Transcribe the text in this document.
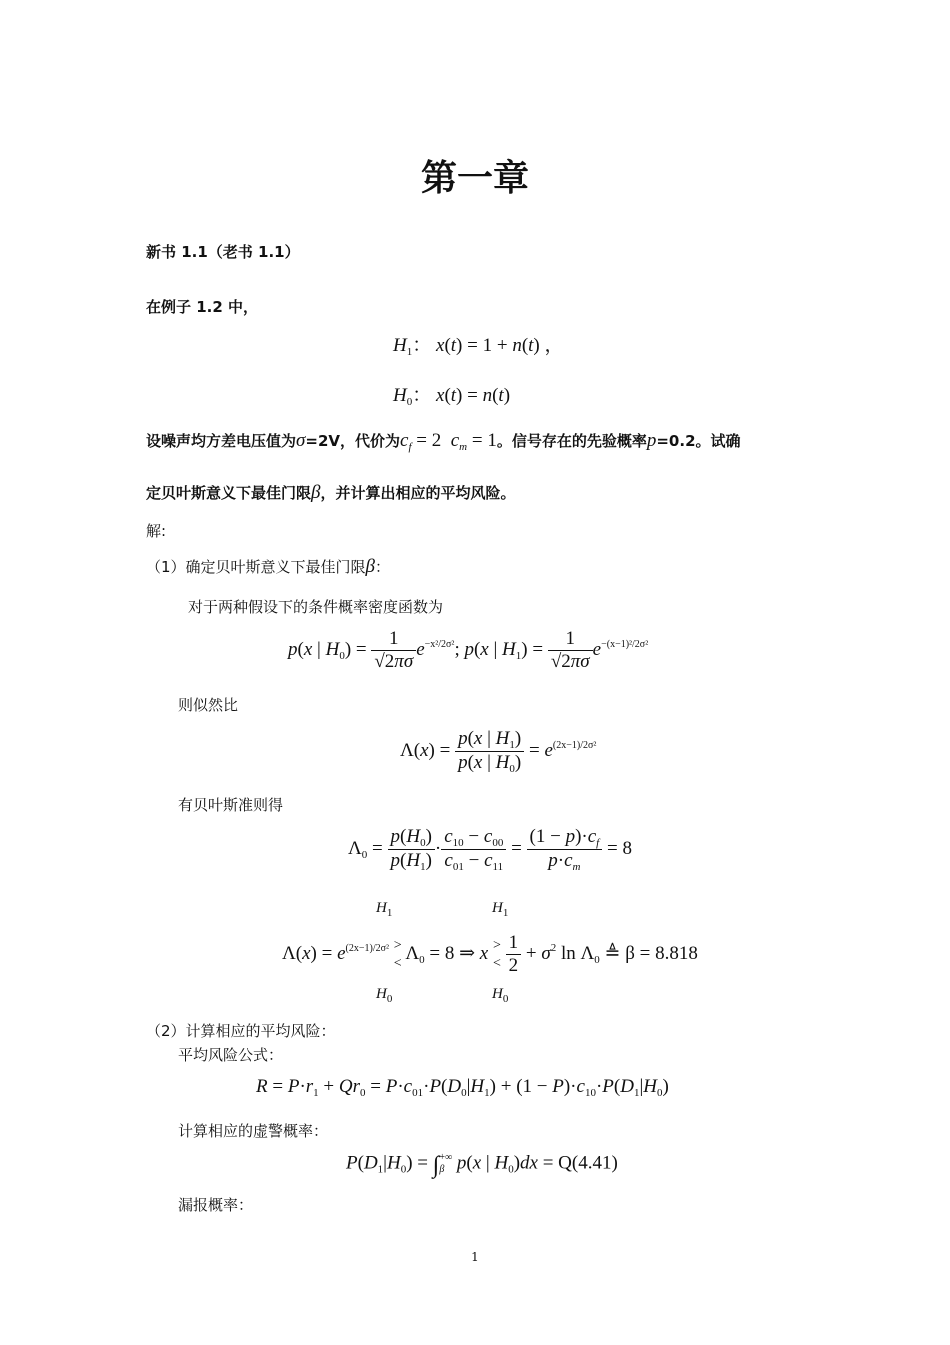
第一章
新书 1.1（老书 1.1）
在例子 1.2 中，
$H_1$： x(t) = 1 + n(t) ，
$H_0$： x(t) = n(t)
设噪声均方差电压值为σ=2V，代价为$c_f = 2$  $c_m = 1$。信号存在的先验概率p=0.2。试确
定贝叶斯意义下最佳门限β，并计算出相应的平均风险。
解:
（1）确定贝叶斯意义下最佳门限β：
对于两种假设下的条件概率密度函数为
p(x | $H_0) = \frac{1}{√2\pi\sigma} e^{-x^2/2\sigma^2}$; p(x | $H_1) = \frac{1}{√2\pi\sigma} e^{-(x-1)^2/2\sigma^2}$
则似然比
$\Lambda(x) = \frac{p(x | H_1)}{p(x | H_0)} = e^{(2x-1)/2\sigma^2}$
有贝叶斯准则得
$\Lambda_0 = \frac{p(H_0)}{p(H_1)} \cdot \frac{c_{10} - c_{00}}{c_{01} - c_{11}} = \frac{(1 - p)\cdot c_f}{p\cdot c_m} = 8$
$H_1$	$H_1$
$\Lambda(x) = e^{(2x-1)/2\sigma^2}$ >
< $\Lambda_0 = 8$ ⇒ x >
< $\frac{1}{2} + \sigma^2$ $\ln \Lambda_0$ ≜ β = 8.818
$H_0$	$H_0$
（2）计算相应的平均风险：
平均风险公式：
$R = P\cdot r_1 + Qr_0 = P\cdot c_{01}\cdot P(D_0|H_1) + (1 - P)\cdot c_{10}\cdot P(D_1|H_0)$
计算相应的虚警概率：
$P(D_1|H_0)$ = ∫+∞
β p(x | $H_0)dx = Q(4.41)$
漏报概率：
1
